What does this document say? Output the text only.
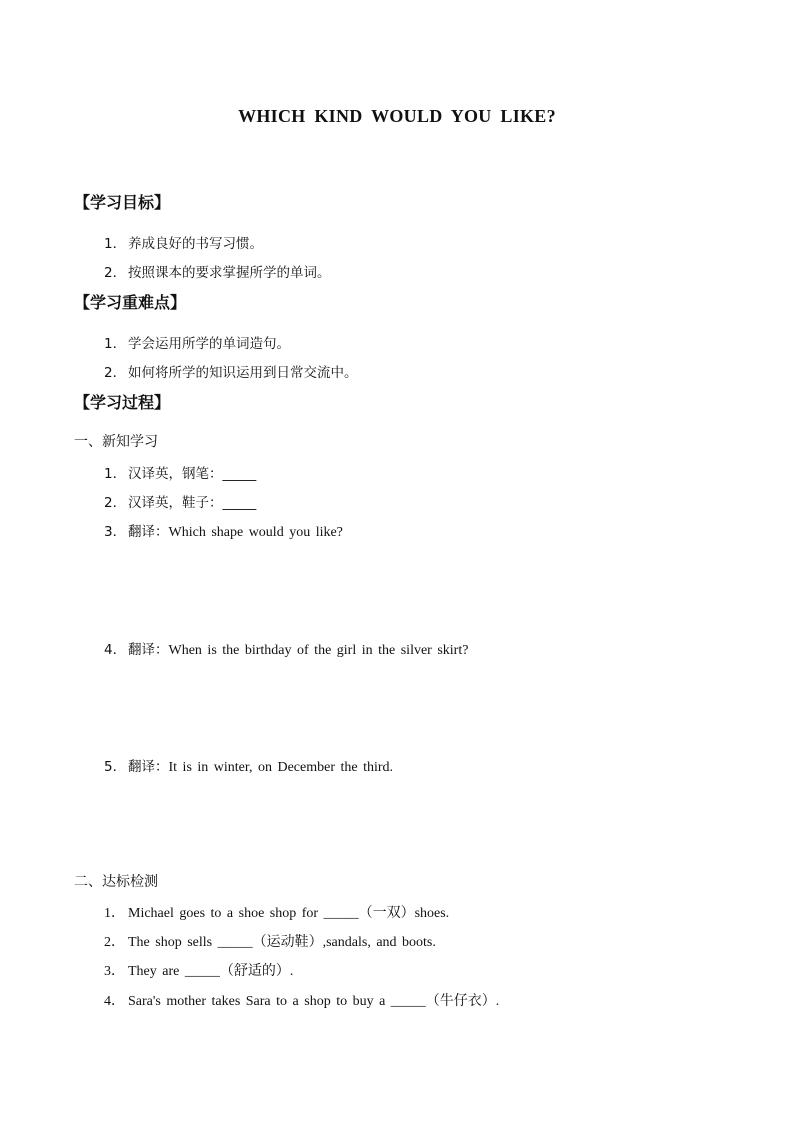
WHICH KIND WOULD YOU LIKE?
【学习目标】
1． 养成良好的书写习惯。
2． 按照课本的要求掌握所学的单词。
【学习重难点】
1． 学会运用所学的单词造句。
2． 如何将所学的知识运用到日常交流中。
【学习过程】
一、新知学习
1． 汉译英，钢笔：_____
2． 汉译英，鞋子：_____
3． 翻译：Which shape would you like?
4． 翻译：When is the birthday of the girl in the silver skirt?
5． 翻译：It is in winter, on December the third.
二、达标检测
1． Michael goes to a shoe shop for _____（一双）shoes.
2． The shop sells _____（运动鞋）,sandals, and boots.
3． They are _____（舒适的）.
4． Sara's mother takes Sara to a shop to buy a _____（牛仔衣）.
